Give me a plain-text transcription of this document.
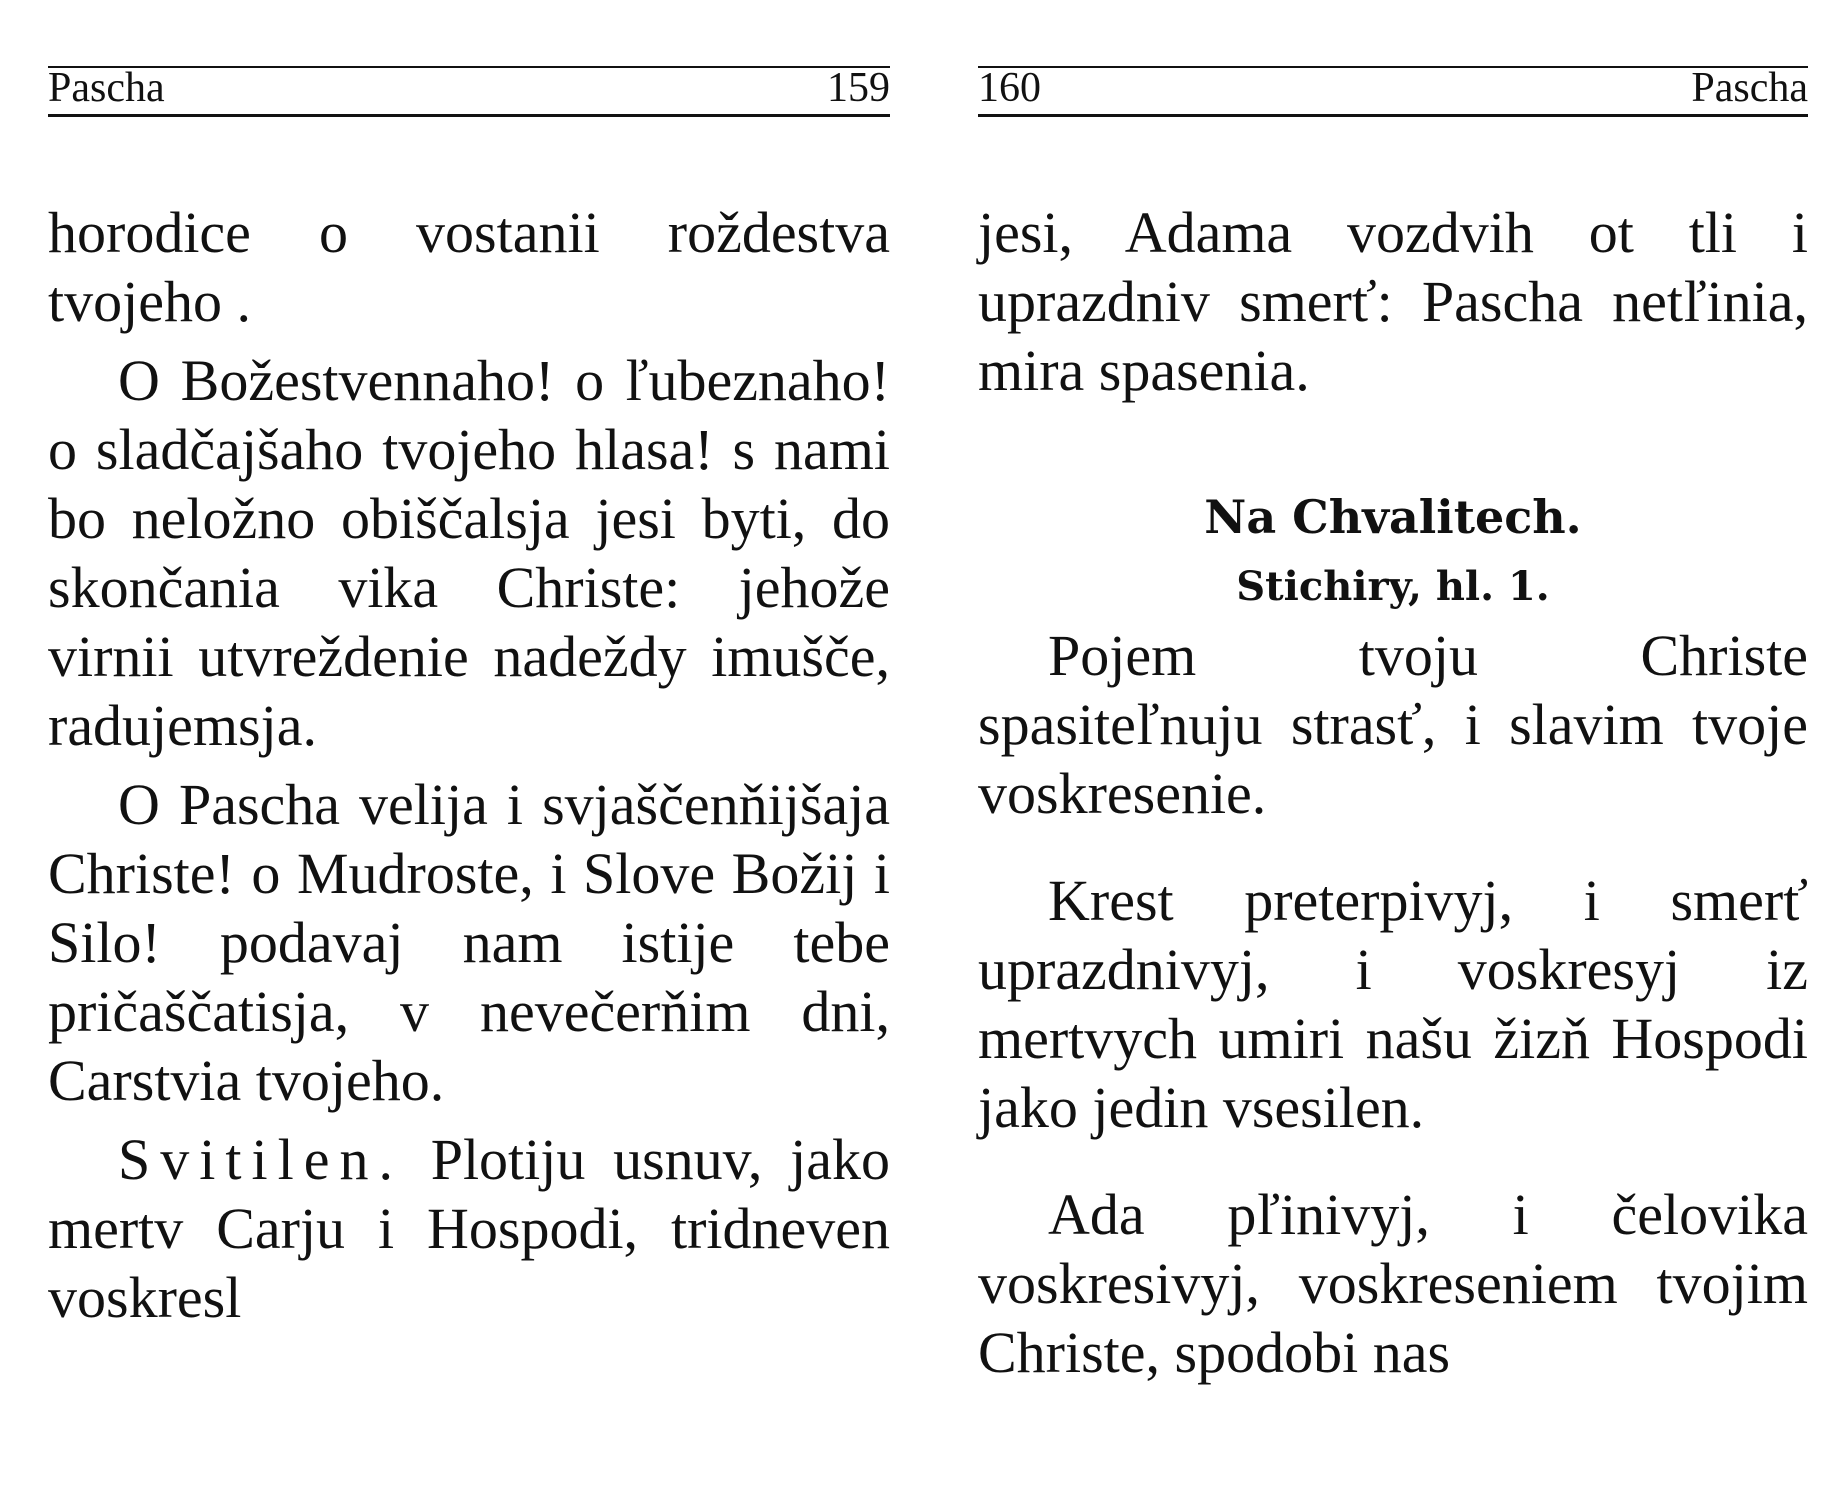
Pascha	159

horodice o vostanii roždestva tvojeho .

O Božestvennaho! o ľubeznaho! o sladčajšaho tvojeho hlasa! s nami bo neložno obiščalsja jesi byti, do skončania vika Christe: jehože virnii utvreždenie nadeždy imušče, radujemsja.

O Pascha velija i svjaščenňijšaja Christe! o Mudroste, i Slove Božij i Silo! podavaj nam istije tebe pričaščatisja, v nevečerňim dni, Carstvia tvojeho.

Svitilen. Plotiju usnuv, jako mertv Carju i Hospodi, tridneven voskresl

160	Pascha

jesi, Adama vozdvih ot tli i uprazdniv smerť: Pascha netľinia, mira spasenia.

Na Chvalitech.

Stichiry, hl. 1.

Pojem tvoju Christe spasiteľnuju strasť, i slavim tvoje voskresenie.

Krest preterpivyj, i smerť uprazdnivyj, i voskresyj iz mertvych umiri našu žizň Hospodi jako jedin vsesilen.

Ada pľinivyj, i čelovika voskresivyj, voskreseniem tvojim Christe, spodobi nas
